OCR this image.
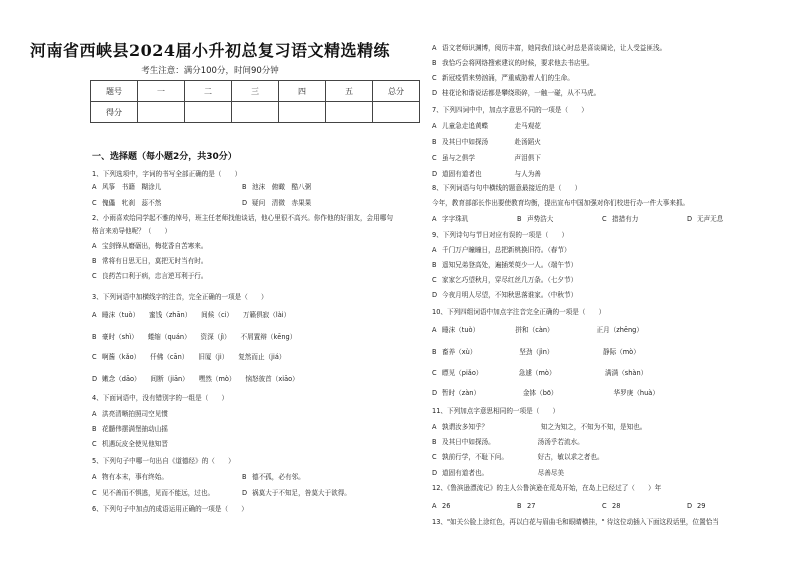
河南省西峡县2024届小升初总复习语文精选精练
考生注意：满分100分，时间90分钟
题号	一	二	三	四	五	总分
得分						
一、选择题（每小题2分，共30分）
1、下列选项中，字词的书写全部正确的是（　　）
A 风筝　书籍　糊涂儿	B 池沫　俯瞰　酷八粥
C 傀儡　牝刹　蕊不然	D 疑问　清微　赤果果
2、小雨喜欢给同学起不雅的绰号，班主任老师找他谈话，他心里很不高兴。你作他的好朋友，会用哪句
格言来劝导他呢？（　　）
A 宝剑锋从磨砺出，梅花香自苦寒来。
B 常将有日思无日，莫把无时当有时。
C 良药苦口利于病，忠言逆耳利于行。
3、下列词语中加横线字的注音，完全正确的一项是（　　）
A 睡沫（tuò）　　蜜饯（zhān）　　间候（ci）　　万籁俱寂（lài）
B 豪时（shì）　　蜷缩（quán）　　资深（jì）　　不屑置辩（kēng）
C 啊酱（kǎo）　　仟佛（cān）　　旧厦（ji）　　复然而止（jiá）
D 嫩念（dāo）　　间断（jiān）　　嘿然（mò）　　恼怒彼首（xiāo）
4、下面词语中，没有错别字的一组是（　　）
A 洪亮清晰拍照司空见惯
B 花髓伟摆满堡抽动山摇
C 机遇玩皮全使见他知晋
5、下列句子中哪一句出自《道德经》的（　　）
A 物有本末，事有终始。	B 德不孤，必有邻。
C 见不善而不惧逃，见而不能远，过也。	D 祸莫大于不知足，咎莫大于欲得。
6、下列句子中加点的成语运用正确的一项是（　　）
A 语文老师识渊博，阅历丰富，她同我们谈心时总是喜谈阔论，让人受益匪浅。
B 我恰巧会将网络搜索建议的时候，要求他去书店里。
C 新冠疫情来势汹涌，严重威胁着人们的生命。
D 桂花论和谐说话都是攀绕琐碎，一触一碰，从不马虎。
7、下列四词中中，加点字意思不同的一项是（　　）
A 儿童急走追黄蝶　　　　走马观花
B 及其日中如探汤　　　　赴汤蹈火
C 虽与之俱学　　　　　　声泪俱下
D 道固有道者也　　　　　与人为善
8、下列词语与句中横线的题意最接近的是（　　）
今年，教育部部长作出要使教育均衡，提出宣布中国加强对你们校进行办一件大事来抓。
A 字字珠玑	B 声势浩大	C 措措有力	D 无声无息
9、下列诗句与节日对应有误的一项是（　　）
A 千门万户瞳瞳日，总把新桃换旧符。（春节）
B 遥知兄弟登高处，遍插茱萸少一人。（端午节）
C 家家乞巧望秋月，穿尽红丝几万条。（七夕节）
D 今夜月明人尽望，不知秋思落谁家。（中秋节）
10、下列四组词语中加点字注音完全正确的一项是（　　）
A 睡沫（tuò）　　　　　　拼和（càn）　　　　　　　正月（zhēng）
B 畜养（xù）　　　　　　　坚劲（jìn）　　　　　　　　静际（mò）
C 瞟见（piǎo）　　　　　　急遽（mò）　　　　　　　　满满（shàn）
D 暂时（zàn）　　　　　　　金钵（bō）　　　　　　　　　华罗庚（huà）
11、下列加点字意思相同的一项是（　　）
A 孰谓汝多知乎？　　　　　　　　知之为知之，不知为不知，是知也。
B 及其日中如探汤。　　　　　　　汤汤乎若流水。
C 孰前行学，不耻下问。　　　　　好古，敏以求之者也。
D 道固有道者也。　　　　　　　　尽善尽美
12、《鲁滨逊漂流记》的主人公鲁滨逊在荒岛开始，在岛上已经过了（　　）年
A 26	B 27	C 28	D 29
13、"如关公脸上涂红色，再以白花与眉曲毛和眼睛横挂，" 待这位动插入下面这段话里，位置恰当
